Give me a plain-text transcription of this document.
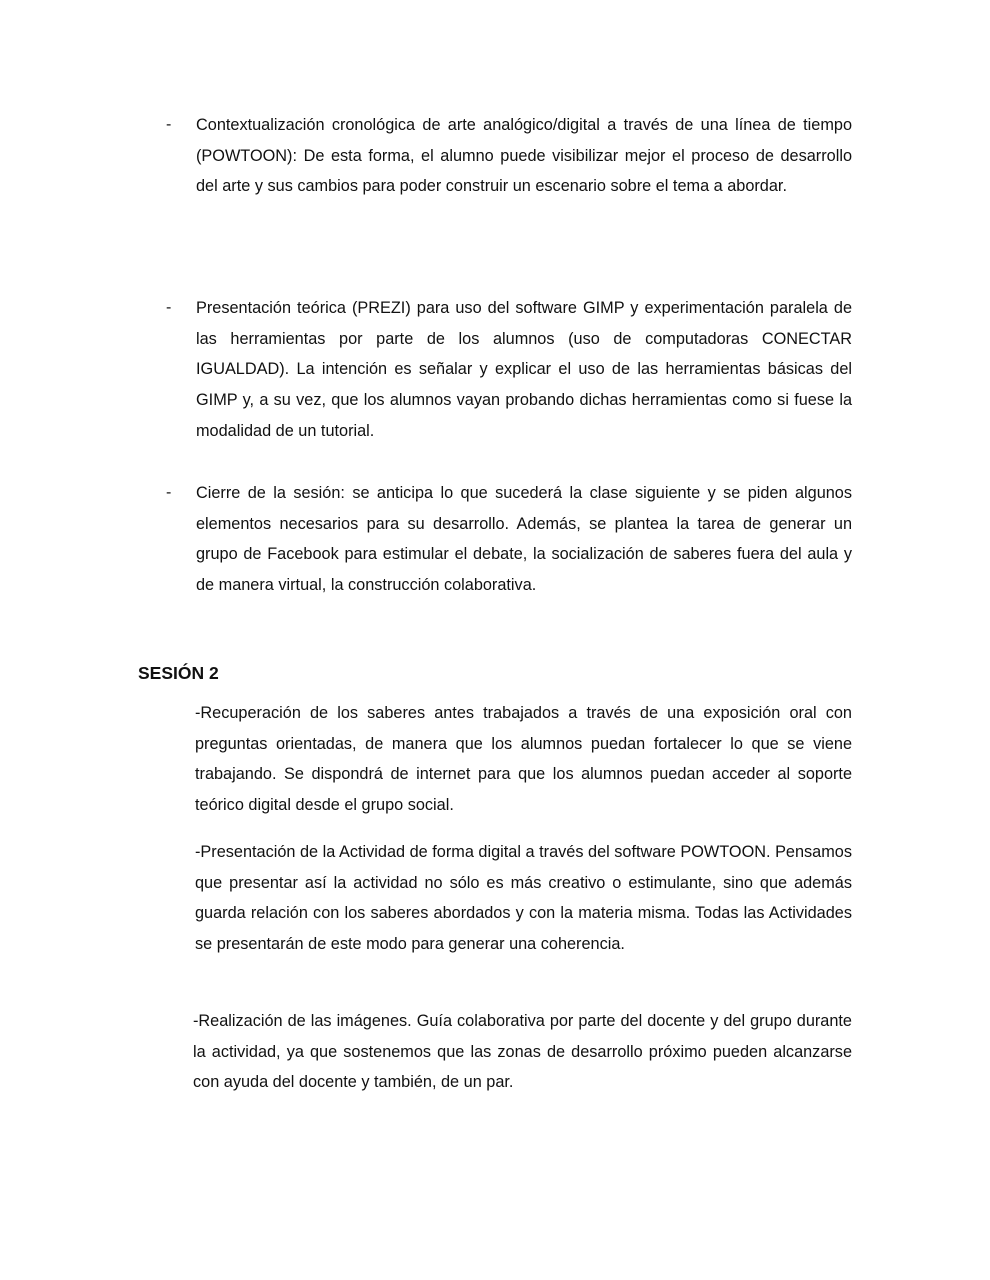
- Contextualización cronológica de arte analógico/digital a través de una línea de tiempo (POWTOON): De esta forma, el alumno puede visibilizar mejor el proceso de desarrollo del arte y sus cambios para poder construir un escenario sobre el tema a abordar.

- Presentación teórica (PREZI) para uso del software GIMP y experimentación paralela de las herramientas por parte de los alumnos (uso de computadoras CONECTAR IGUALDAD). La intención es señalar y explicar el uso de las herramientas básicas del GIMP y, a su vez, que los alumnos vayan probando dichas herramientas como si fuese la modalidad de un tutorial.

- Cierre de la sesión: se anticipa lo que sucederá la clase siguiente y se piden algunos elementos necesarios para su desarrollo. Además, se plantea la tarea de generar un grupo de Facebook para estimular el debate, la socialización de saberes fuera del aula y de manera virtual, la construcción colaborativa.

SESIÓN 2

-Recuperación de los saberes antes trabajados a través de una exposición oral con preguntas orientadas, de manera que los alumnos puedan fortalecer lo que se viene trabajando. Se dispondrá de internet para que los alumnos puedan acceder al soporte teórico digital desde el grupo social.

-Presentación de la Actividad de forma digital a través del software POWTOON. Pensamos que presentar así la actividad no sólo es más creativo o estimulante, sino que además guarda relación con los saberes abordados y con la materia misma. Todas las Actividades se presentarán de este modo para generar una coherencia.

-Realización de las imágenes. Guía colaborativa por parte del docente y del grupo durante la actividad, ya que sostenemos que las zonas de desarrollo próximo pueden alcanzarse con ayuda del docente y también, de un par.
